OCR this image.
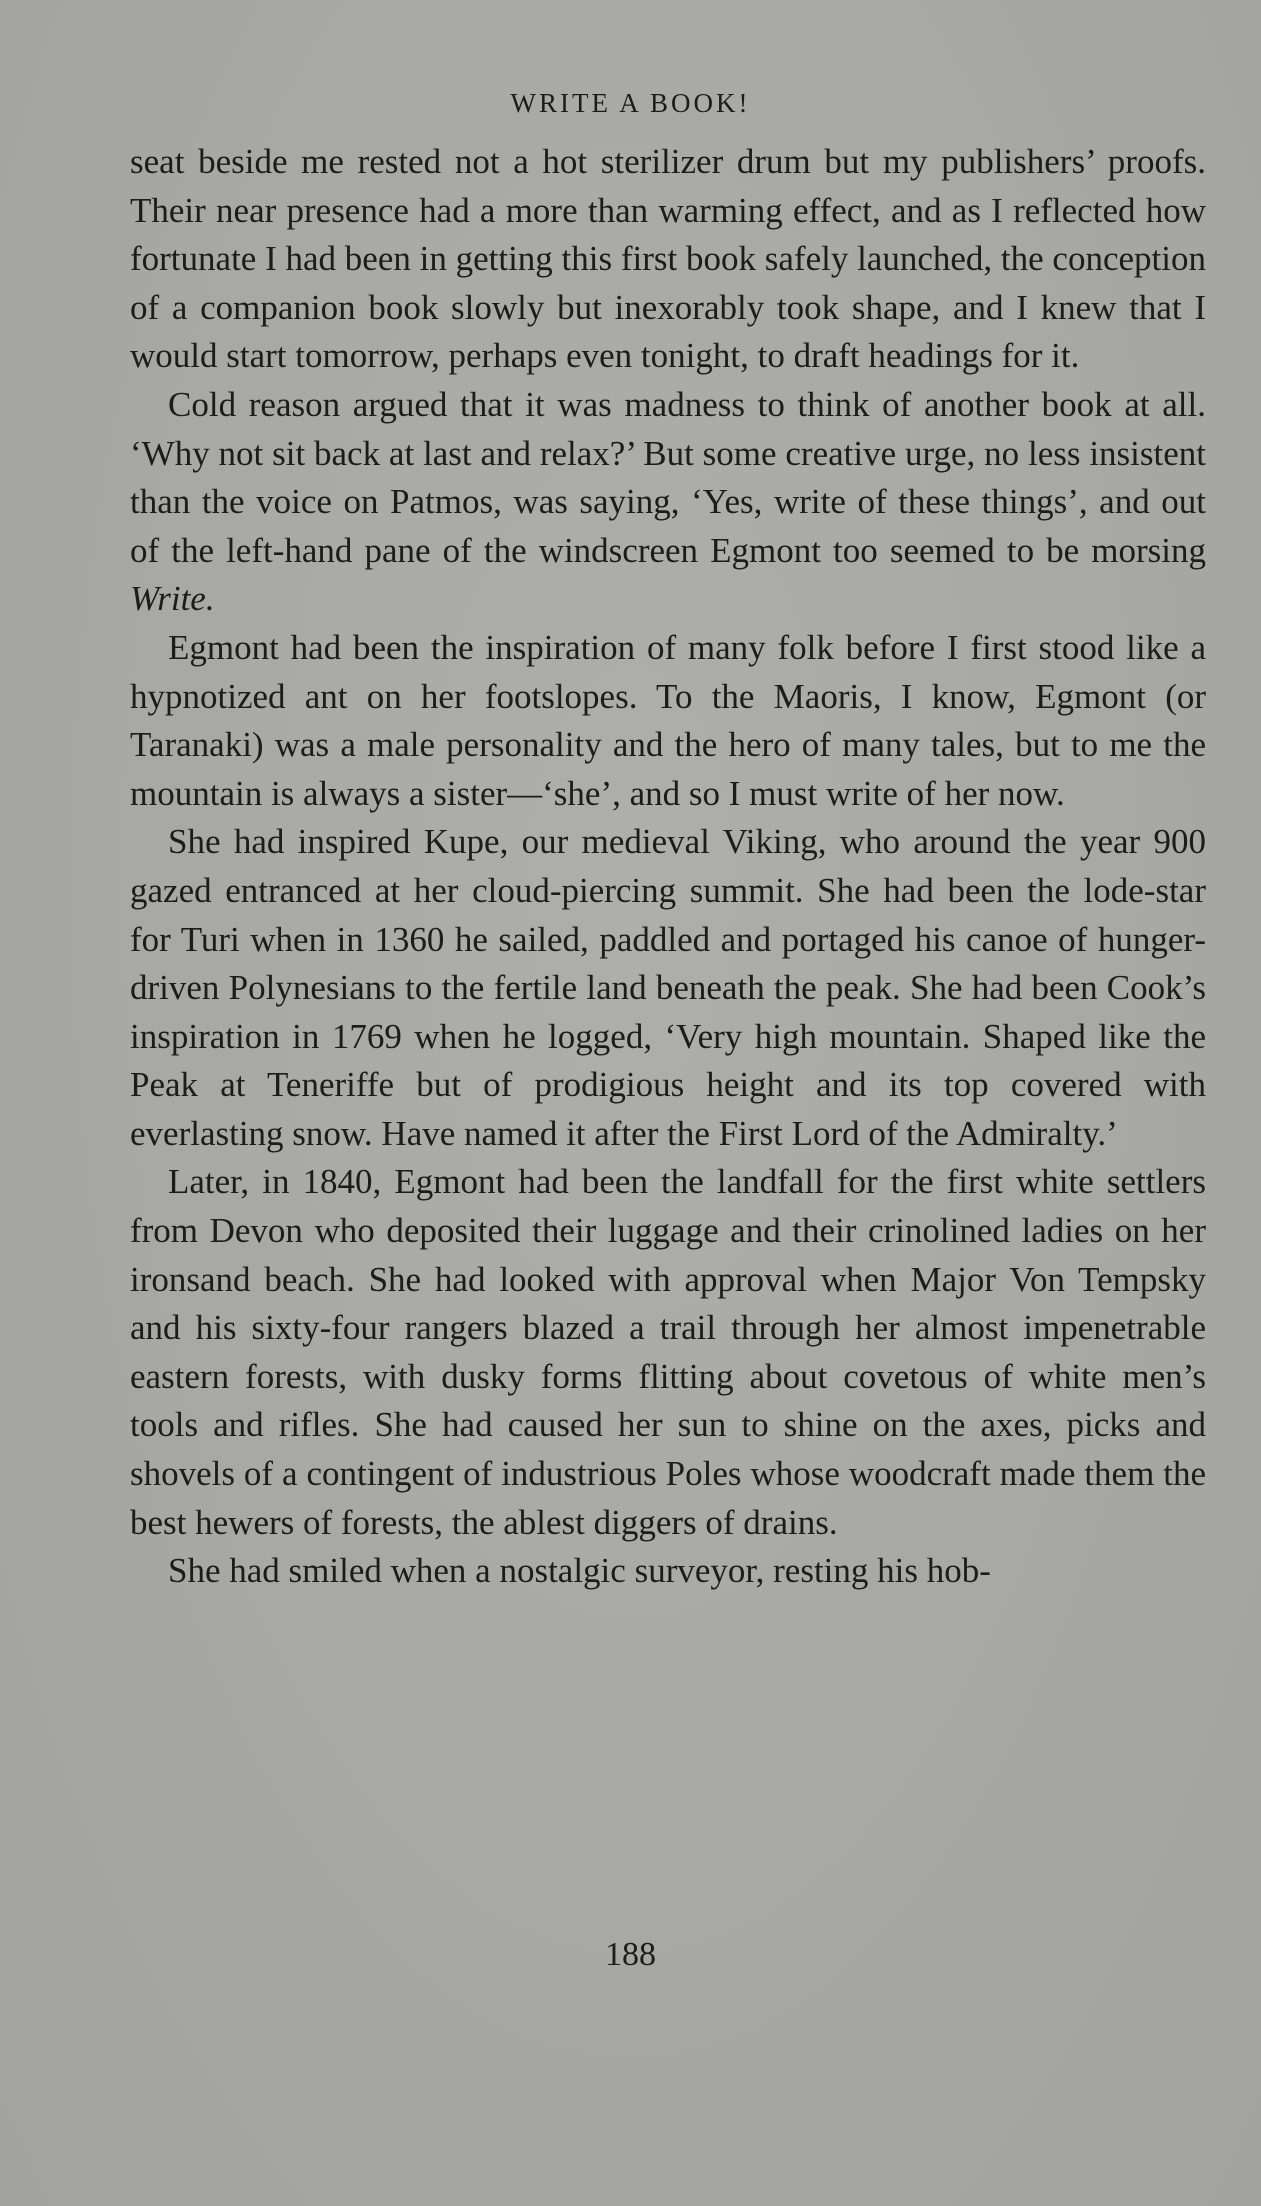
WRITE A BOOK!

seat beside me rested not a hot sterilizer drum but my publishers’ proofs. Their near presence had a more than warming effect, and as I reflected how fortunate I had been in getting this first book safely launched, the conception of a companion book slowly but inexorably took shape, and I knew that I would start tomorrow, perhaps even tonight, to draft headings for it.

Cold reason argued that it was madness to think of another book at all. ‘Why not sit back at last and relax?’ But some creative urge, no less insistent than the voice on Patmos, was saying, ‘Yes, write of these things’, and out of the left-hand pane of the windscreen Egmont too seemed to be morsing Write.

Egmont had been the inspiration of many folk before I first stood like a hypnotized ant on her footslopes. To the Maoris, I know, Egmont (or Taranaki) was a male personality and the hero of many tales, but to me the mountain is always a sister—‘she’, and so I must write of her now.

She had inspired Kupe, our medieval Viking, who around the year 900 gazed entranced at her cloud-piercing summit. She had been the lode-star for Turi when in 1360 he sailed, paddled and portaged his canoe of hunger-driven Polynesians to the fertile land beneath the peak. She had been Cook’s inspiration in 1769 when he logged, ‘Very high mountain. Shaped like the Peak at Teneriffe but of prodigious height and its top covered with everlasting snow. Have named it after the First Lord of the Admiralty.’

Later, in 1840, Egmont had been the landfall for the first white settlers from Devon who deposited their luggage and their crinolined ladies on her ironsand beach. She had looked with approval when Major Von Tempsky and his sixty-four rangers blazed a trail through her almost impenetrable eastern forests, with dusky forms flitting about covetous of white men’s tools and rifles. She had caused her sun to shine on the axes, picks and shovels of a contingent of industrious Poles whose woodcraft made them the best hewers of forests, the ablest diggers of drains.

She had smiled when a nostalgic surveyor, resting his hob-

188
